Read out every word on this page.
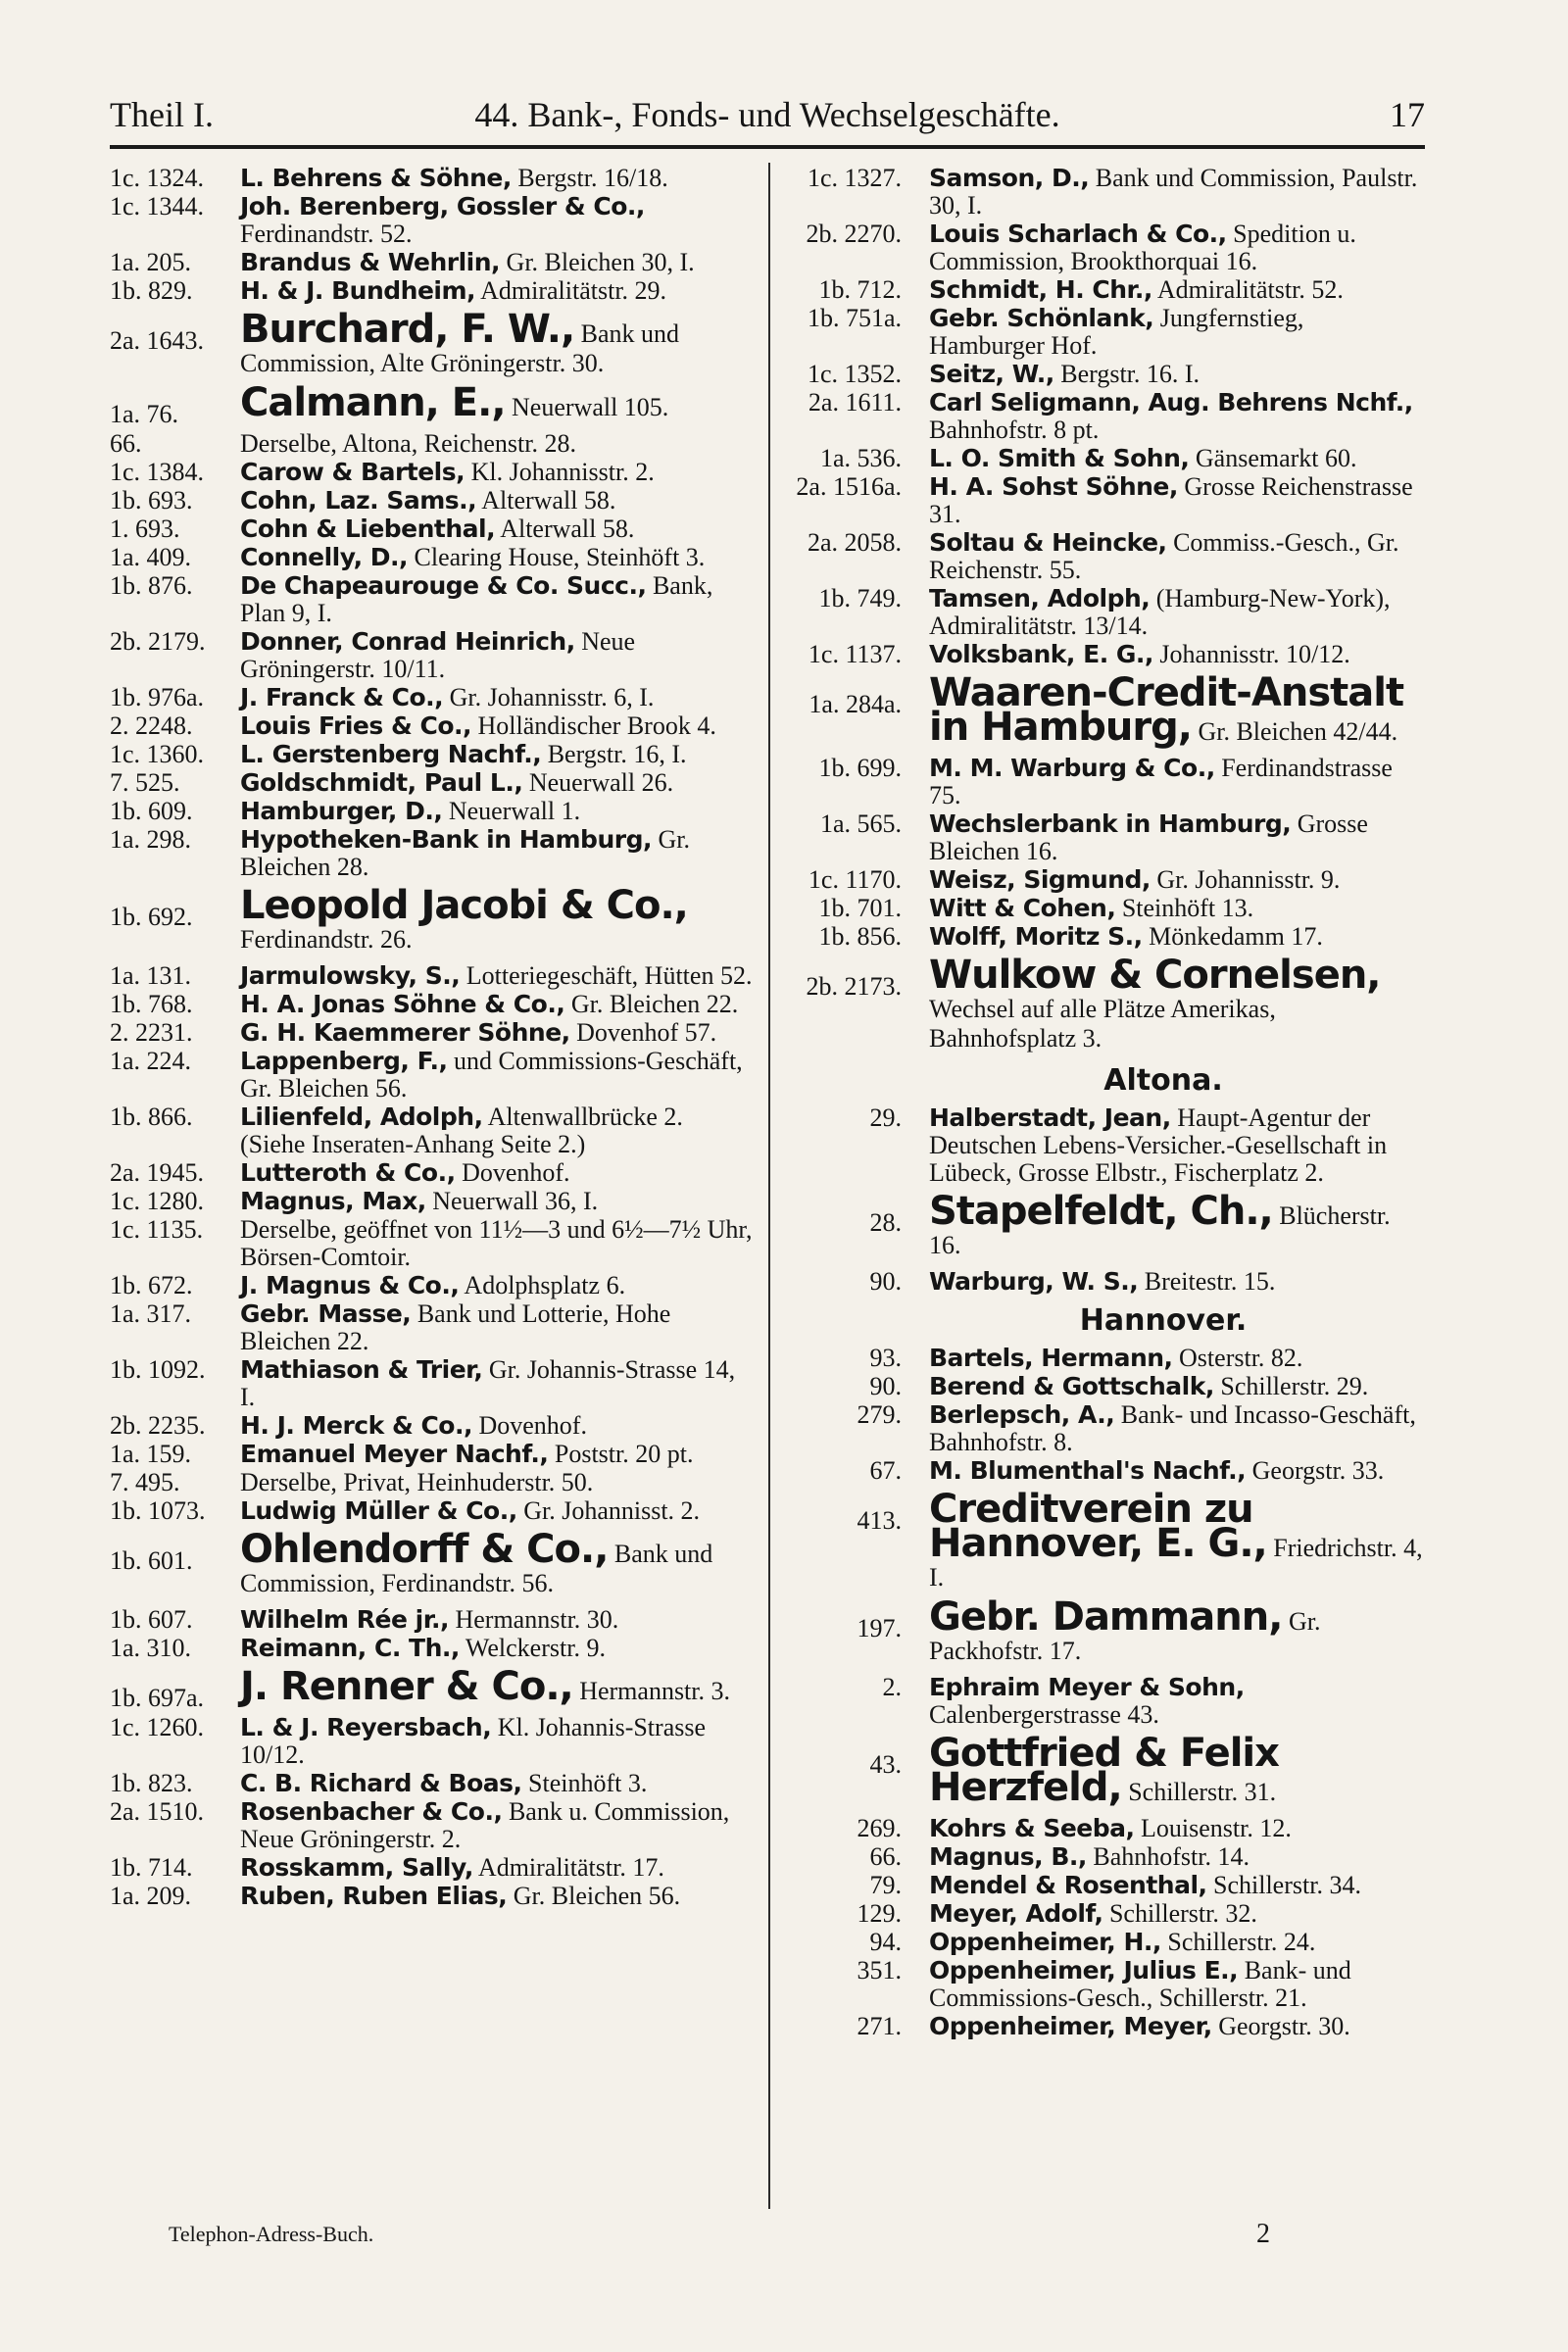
Theil I.	44. Bank-, Fonds- und Wechselgeschäfte.	17
1c. 1324.	L. Behrens & Söhne, Bergstr. 16/18.
1c. 1344.	Joh. Berenberg, Gossler & Co., Ferdinandstr. 52.
1a. 205.	Brandus & Wehrlin, Gr. Bleichen 30, I.
1b. 829.	H. & J. Bundheim, Admiralitätstr. 29.
2a. 1643. Burchard, F. W., Bank und Commission, Alte Gröningerstr. 30.
1a. 76.	Calmann, E., Neuerwall 105.
66.	Derselbe, Altona, Reichenstr. 28.
1c. 1384.	Carow & Bartels, Kl. Johannisstr. 2.
1b. 693.	Cohn, Laz. Sams., Alterwall 58.
1. 693.	Cohn & Liebenthal, Alterwall 58.
1a. 409.	Connelly, D., Clearing House, Steinhöft 3.
1b. 876.	De Chapeaurouge & Co. Succ., Bank, Plan 9, I.
2b. 2179.	Donner, Conrad Heinrich, Neue Gröningerstr. 10/11.
1b. 976a.	J. Franck & Co., Gr. Johannisstr. 6, I.
2. 2248.	Louis Fries & Co., Holländischer Brook 4.
1c. 1360.	L. Gerstenberg Nachf., Bergstr. 16, I.
7. 525.	Goldschmidt, Paul L., Neuerwall 26.
1b. 609.	Hamburger, D., Neuerwall 1.
1a. 298.	Hypotheken-Bank in Hamburg, Gr. Bleichen 28.
1b. 692.	Leopold Jacobi & Co., Ferdinandstr. 26.
1a. 131.	Jarmulowsky, S., Lotteriegeschäft, Hütten 52.
1b. 768.	H. A. Jonas Söhne & Co., Gr. Bleichen 22.
2. 2231.	G. H. Kaemmerer Söhne, Dovenhof 57.
1a. 224.	Lappenberg, F., und Commissions-Geschäft, Gr. Bleichen 56.
1b. 866.	Lilienfeld, Adolph, Altenwallbrücke 2. (Siehe Inseraten-Anhang Seite 2.)
2a. 1945.	Lutteroth & Co., Dovenhof.
1c. 1280.	Magnus, Max, Neuerwall 36, I.
1c. 1135.	Derselbe, geöffnet von 11½—3 und 6½—7½ Uhr, Börsen-Comtoir.
1b. 672.	J. Magnus & Co., Adolphsplatz 6.
1a. 317.	Gebr. Masse, Bank und Lotterie, Hohe Bleichen 22.
1b. 1092.	Mathiason & Trier, Gr. Johannis-Strasse 14, I.
2b. 2235.	H. J. Merck & Co., Dovenhof.
1a. 159.	Emanuel Meyer Nachf., Poststr. 20 pt.
7. 495.	Derselbe, Privat, Heinhuderstr. 50.
1b. 1073.	Ludwig Müller & Co., Gr. Johannisst. 2.
1b. 601.	Ohlendorff & Co., Bank und Commission, Ferdinandstr. 56.
1b. 607.	Wilhelm Rée jr., Hermannstr. 30.
1a. 310.	Reimann, C. Th., Welckerstr. 9.
1b. 697a. J. Renner & Co., Hermannstr. 3.
1c. 1260.	L. & J. Reyersbach, Kl. Johannis-Strasse 10/12.
1b. 823.	C. B. Richard & Boas, Steinhöft 3.
2a. 1510.	Rosenbacher & Co., Bank u. Commission, Neue Gröningerstr. 2.
1b. 714.	Rosskamm, Sally, Admiralitätstr. 17.
1a. 209.	Ruben, Ruben Elias, Gr. Bleichen 56.
1c. 1327. Samson, D., Bank und Commission, Paulstr. 30, I.
2b. 2270. Louis Scharlach & Co., Spedition u. Commission, Brookthorquai 16.
1b. 712. Schmidt, H. Chr., Admiralitätstr. 52.
1b. 751a. Gebr. Schönlank, Jungfernstieg, Hamburger Hof.
1c. 1352. Seitz, W., Bergstr. 16. I.
2a. 1611. Carl Seligmann, Aug. Behrens Nchf., Bahnhofstr. 8 pt.
1a. 536. L. O. Smith & Sohn, Gänsemarkt 60.
2a. 1516a. H. A. Sohst Söhne, Grosse Reichenstrasse 31.
2a. 2058. Soltau & Heincke, Commiss.-Gesch., Gr. Reichenstr. 55.
1b. 749. Tamsen, Adolph, (Hamburg-New-York), Admiralitätstr. 13/14.
1c. 1137. Volksbank, E. G., Johannisstr. 10/12.
1a. 284a. Waaren-Credit-Anstalt in Hamburg, Gr. Bleichen 42/44.
1b. 699. M. M. Warburg & Co., Ferdinandstrasse 75.
1a. 565. Wechslerbank in Hamburg, Grosse Bleichen 16.
1c. 1170. Weisz, Sigmund, Gr. Johannisstr. 9.
1b. 701. Witt & Cohen, Steinhöft 13.
1b. 856. Wolff, Moritz S., Mönkedamm 17.
2b. 2173. Wulkow & Cornelsen, Wechsel auf alle Plätze Amerikas, Bahnhofsplatz 3.
Altona.
29. Halberstadt, Jean, Haupt-Agentur der Deutschen Lebens-Versicher.-Gesellschaft in Lübeck, Grosse Elbstr., Fischerplatz 2.
28. Stapelfeldt, Ch., Blücherstr. 16.
90. Warburg, W. S., Breitestr. 15.
Hannover.
93. Bartels, Hermann, Osterstr. 82.
90. Berend & Gottschalk, Schillerstr. 29.
279. Berlepsch, A., Bank- und Incasso-Geschäft, Bahnhofstr. 8.
67. M. Blumenthal's Nachf., Georgstr. 33.
413. Creditverein zu Hannover, E. G., Friedrichstr. 4, I.
197. Gebr. Dammann, Gr. Packhofstr. 17.
2. Ephraim Meyer & Sohn, Calenbergerstrasse 43.
43. Gottfried & Felix Herzfeld, Schillerstr. 31.
269. Kohrs & Seeba, Louisenstr. 12.
66. Magnus, B., Bahnhofstr. 14.
79. Mendel & Rosenthal, Schillerstr. 34.
129. Meyer, Adolf, Schillerstr. 32.
94. Oppenheimer, H., Schillerstr. 24.
351. Oppenheimer, Julius E., Bank- und Commissions-Gesch., Schillerstr. 21.
271. Oppenheimer, Meyer, Georgstr. 30.
Telephon-Adress-Buch.	2
